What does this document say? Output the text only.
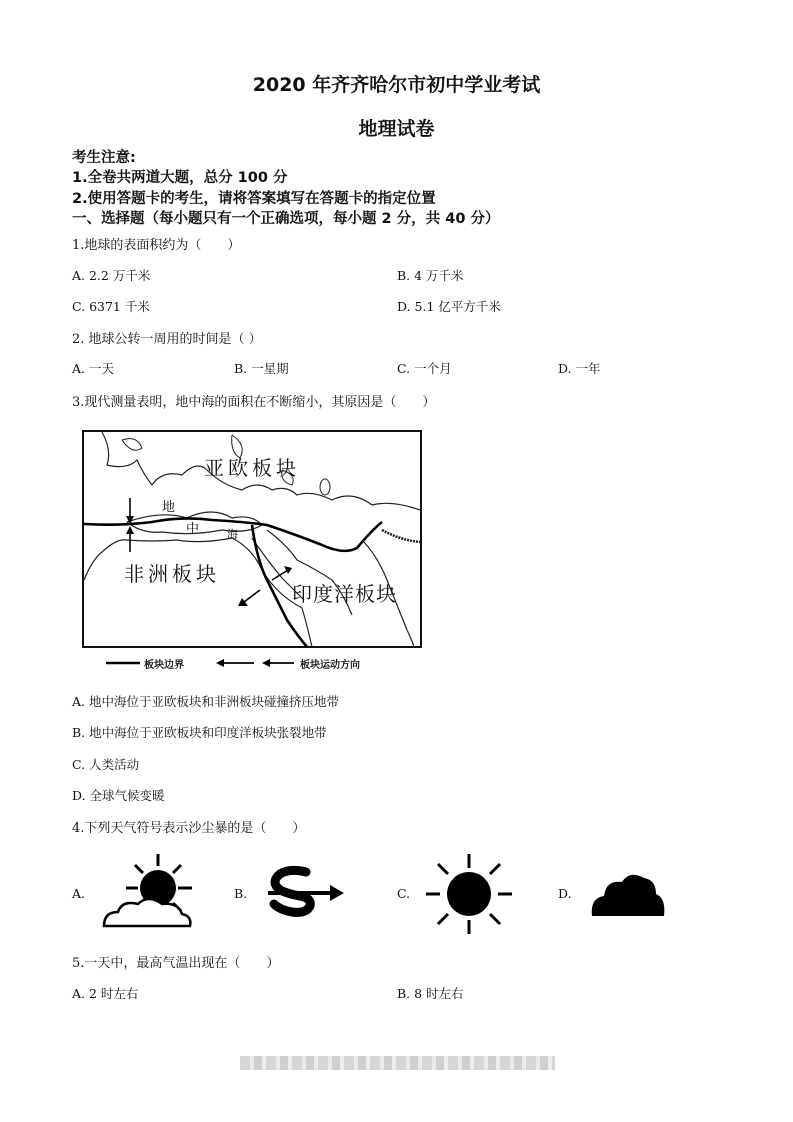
2020 年齐齐哈尔市初中学业考试
地理试卷
考生注意:
1.全卷共两道大题，总分 100 分
2.使用答题卡的考生，请将答案填写在答题卡的指定位置
一、选择题（每小题只有一个正确选项，每小题 2 分，共 40 分）
1.地球的表面积约为（　　）
A. 2.2 万千米	B. 4 万千米
C. 6371 千米	D. 5.1 亿平方千米
2. 地球公转一周用的时间是（ ）
A. 一天	B. 一星期	C. 一个月	D. 一年
3.现代测量表明，地中海的面积在不断缩小，其原因是（　　）
亚欧板块
非洲板块
印度洋板块
地
中	海
板块边界	板块运动方向
A. 地中海位于亚欧板块和非洲板块碰撞挤压地带
B. 地中海位于亚欧板块和印度洋板块张裂地带
C. 人类活动
D. 全球气候变暖
4.下列天气符号表示沙尘暴的是（　　）
A.	B.	C.	D.
5.一天中，最高气温出现在（　　）
A. 2 时左右	B. 8 时左右
